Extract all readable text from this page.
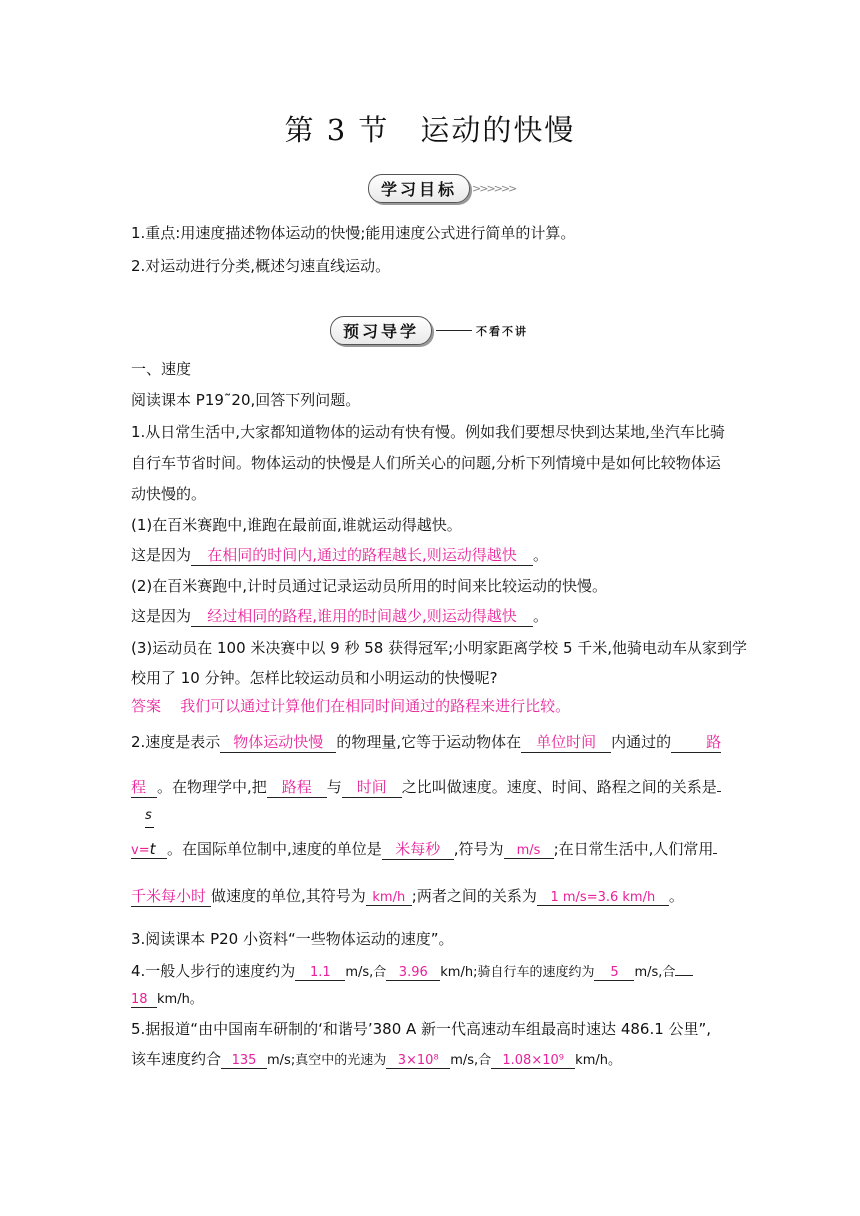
第 3 节　运动的快慢
学习目标	>>>>>>
1.重点:用速度描述物体运动的快慢;能用速度公式进行简单的计算。
2.对运动进行分类,概述匀速直线运动。
预习导学	不看不讲
一、速度
阅读课本 P19˜20,回答下列问题。
1.从日常生活中,大家都知道物体的运动有快有慢。例如我们要想尽快到达某地,坐汽车比骑
自行车节省时间。物体运动的快慢是人们所关心的问题,分析下列情境中是如何比较物体运
动快慢的。
(1)在百米赛跑中,谁跑在最前面,谁就运动得越快。
这是因为 在相同的时间内,通过的路程越长,则运动得越快 。
(2)在百米赛跑中,计时员通过记录运动员所用的时间来比较运动的快慢。
这是因为 经过相同的路程,谁用的时间越少,则运动得越快 。
(3)运动员在 100 米决赛中以 9 秒 58 获得冠军;小明家距离学校 5 千米,他骑电动车从家到学
校用了 10 分钟。怎样比较运动员和小明运动的快慢呢?
答案 我们可以通过计算他们在相同时间通过的路程来进行比较。
2.速度是表示 物体运动快慢 的物理量,它等于运动物体在 单位时间 内通过的 路
程 。在物理学中,把 路程 与 时间 之比叫做速度。速度、时间、路程之间的关系是
s
v=t 。在国际单位制中,速度的单位是 米每秒 ,符号为 m/s ;在日常生活中,人们常用
千米每小时 做速度的单位,其符号为 km/h ;两者之间的关系为 1 m/s=3.6 km/h 。
3.阅读课本 P20 小资料“一些物体运动的速度”。
4.一般人步行的速度约为 1.1 m/s,合 3.96 km/h;骑自行车的速度约为 5 m/s,合
18 km/h。
5.据报道“由中国南车研制的‘和谐号’380 A 新一代高速动车组最高时速达 486.1 公里”,
该车速度约合 135 m/s;真空中的光速为 3×10⁸ m/s,合 1.08×10⁹ km/h。
